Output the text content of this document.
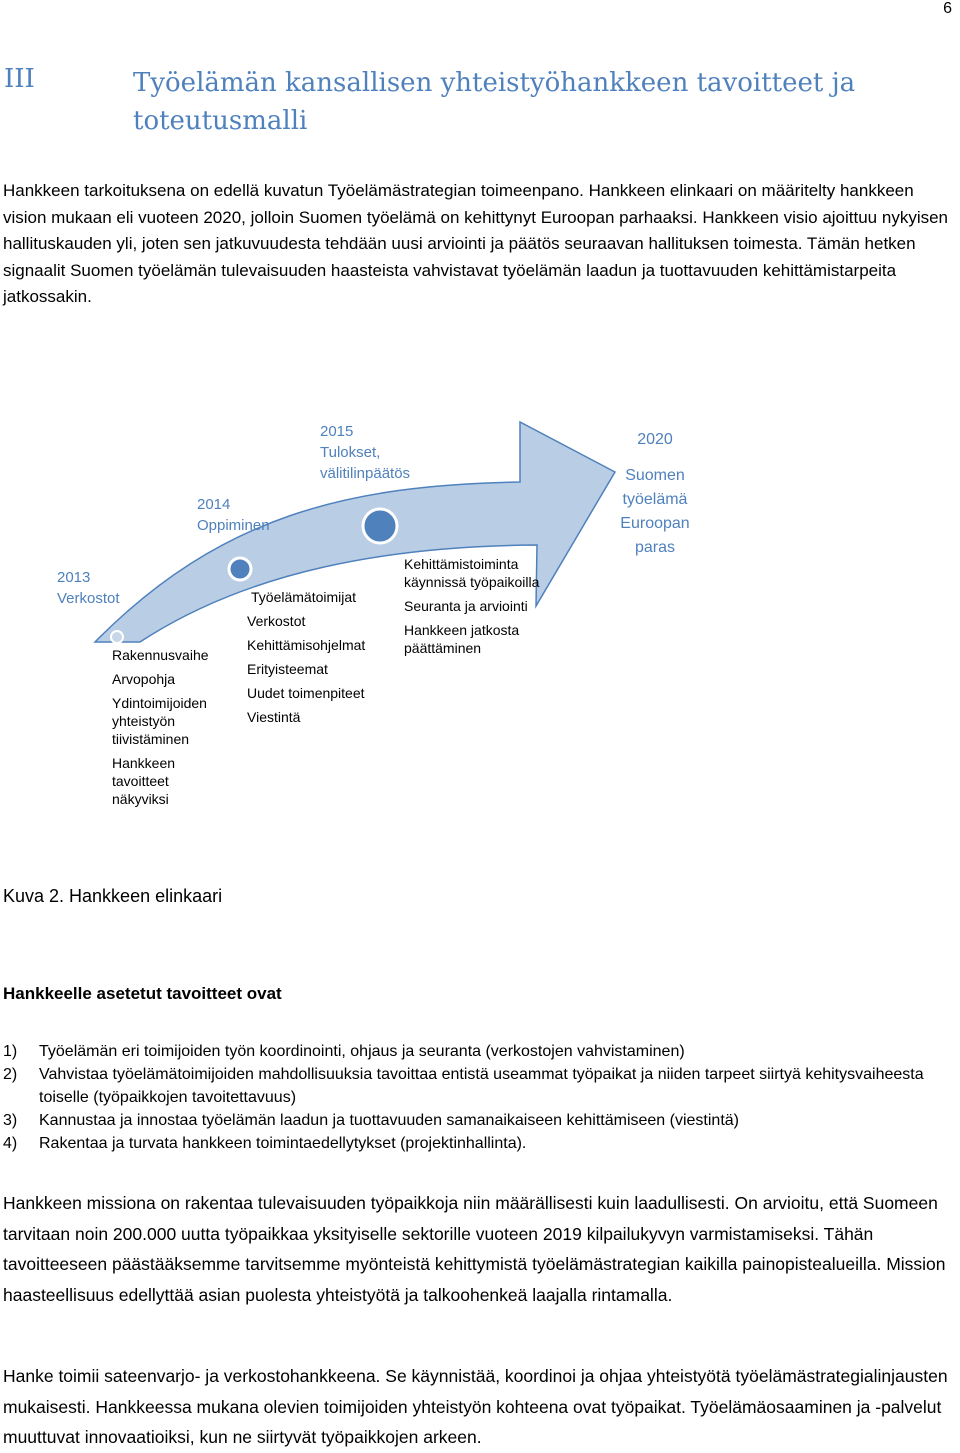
6
III	Työelämän kansallisen yhteistyöhankkeen tavoitteet ja toteutusmalli
Hankkeen tarkoituksena on edellä kuvatun Työelämästrategian toimeenpano. Hankkeen elinkaari on määritelty hankkeen vision mukaan eli vuoteen 2020, jolloin Suomen työelämä on kehittynyt Euroopan parhaaksi. Hankkeen visio ajoittuu nykyisen hallituskauden yli, joten sen jatkuvuudesta tehdään uusi arviointi ja päätös seuraavan hallituksen toimesta. Tämän hetken signaalit Suomen työelämän tulevaisuuden haasteista vahvistavat työelämän laadun ja tuottavuuden kehittämistarpeita jatkossakin.
2013
Verkostot
2014
Oppiminen
2015
Tulokset,
välitilinpäätös
2020
Suomen
työelämä
Euroopan
paras
Rakennusvaihe
Arvopohja
Ydintoimijoiden yhteistyön tiivistäminen
Hankkeen tavoitteet näkyviksi
Työelämätoimijat
Verkostot
Kehittämisohjelmat
Erityisteemat
Uudet toimenpiteet
Viestintä
Kehittämistoiminta käynnissä työpaikoilla
Seuranta ja arviointi
Hankkeen jatkosta päättäminen
Kuva 2. Hankkeen elinkaari
Hankkeelle asetetut tavoitteet ovat
1) Työelämän eri toimijoiden työn koordinointi, ohjaus ja seuranta (verkostojen vahvistaminen)
2) Vahvistaa työelämätoimijoiden mahdollisuuksia tavoittaa entistä useammat työpaikat ja niiden tarpeet siirtyä kehitysvaiheesta toiselle (työpaikkojen tavoitettavuus)
3) Kannustaa ja innostaa työelämän laadun ja tuottavuuden samanaikaiseen kehittämiseen (viestintä)
4) Rakentaa ja turvata hankkeen toimintaedellytykset (projektinhallinta).
Hankkeen missiona on rakentaa tulevaisuuden työpaikkoja niin määrällisesti kuin laadullisesti. On arvioitu, että Suomeen tarvitaan noin 200.000 uutta työpaikkaa yksityiselle sektorille vuoteen 2019 kilpailukyvyn varmistamiseksi. Tähän tavoitteeseen päästääksemme tarvitsemme myönteistä kehittymistä työelämästrategian kaikilla painopistealueilla. Mission haasteellisuus edellyttää asian puolesta yhteistyötä ja talkoohenkeä laajalla rintamalla.
Hanke toimii sateenvarjo- ja verkostohankkeena. Se käynnistää, koordinoi ja ohjaa yhteistyötä työelämästrategialinjausten mukaisesti. Hankkeessa mukana olevien toimijoiden yhteistyön kohteena ovat työpaikat. Työelämäosaaminen ja -palvelut muuttuvat innovaatioiksi, kun ne siirtyvät työpaikkojen arkeen.
